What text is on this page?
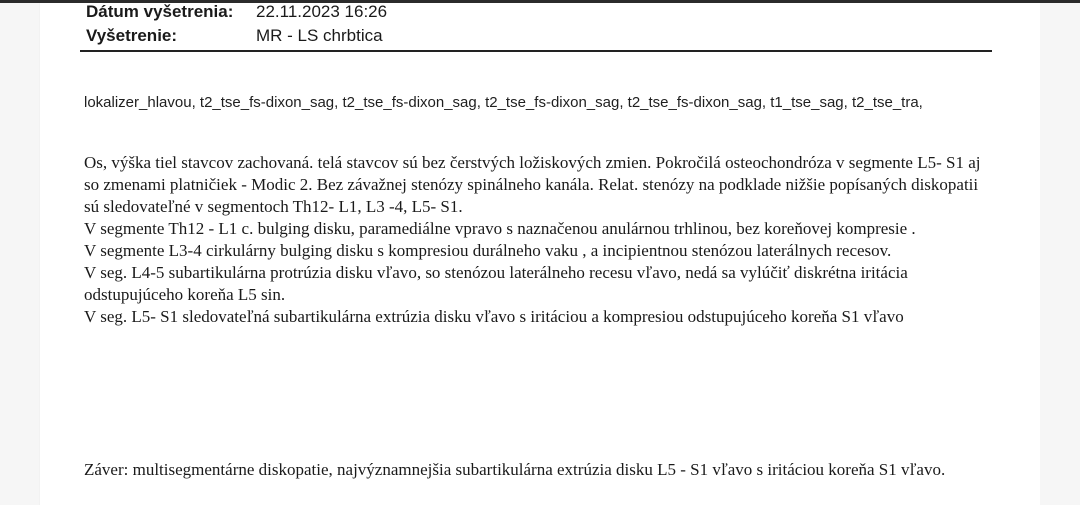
Dátum vyšetrenia: 22.11.2023 16:26
Vyšetrenie:	MR - LS chrbtica
lokalizer_hlavou, t2_tse_fs-dixon_sag, t2_tse_fs-dixon_sag, t2_tse_fs-dixon_sag, t2_tse_fs-dixon_sag, t1_tse_sag, t2_tse_tra,

Os, výška tiel stavcov zachovaná. telá stavcov sú bez čerstvých ložiskových zmien. Pokročilá osteochondróza v segmente L5- S1 aj so zmenami platničiek - Modic 2. Bez závažnej stenózy spinálneho kanála. Relat. stenózy na podklade nižšie popísaných diskopatii sú sledovateľné v segmentoch Th12- L1, L3 -4, L5- S1.

V segmente Th12 - L1 c. bulging disku, paramediálne vpravo s naznačenou anulárnou trhlinou, bez koreňovej kompresie .

V segmente L3-4 cirkulárny bulging disku s kompresiou durálneho vaku , a incipientnou stenózou laterálnych recesov.

V seg. L4-5 subartikulárna protrúzia disku vľavo, so stenózou laterálneho recesu vľavo, nedá sa vylúčiť diskrétna iritácia odstupujúceho koreňa L5 sin.

V seg. L5- S1 sledovateľná subartikulárna extrúzia disku vľavo s iritáciou a kompresiou odstupujúceho koreňa S1 vľavo

Záver: multisegmentárne diskopatie, najvýznamnejšia subartikulárna extrúzia disku L5 - S1 vľavo s iritáciou koreňa S1 vľavo.
